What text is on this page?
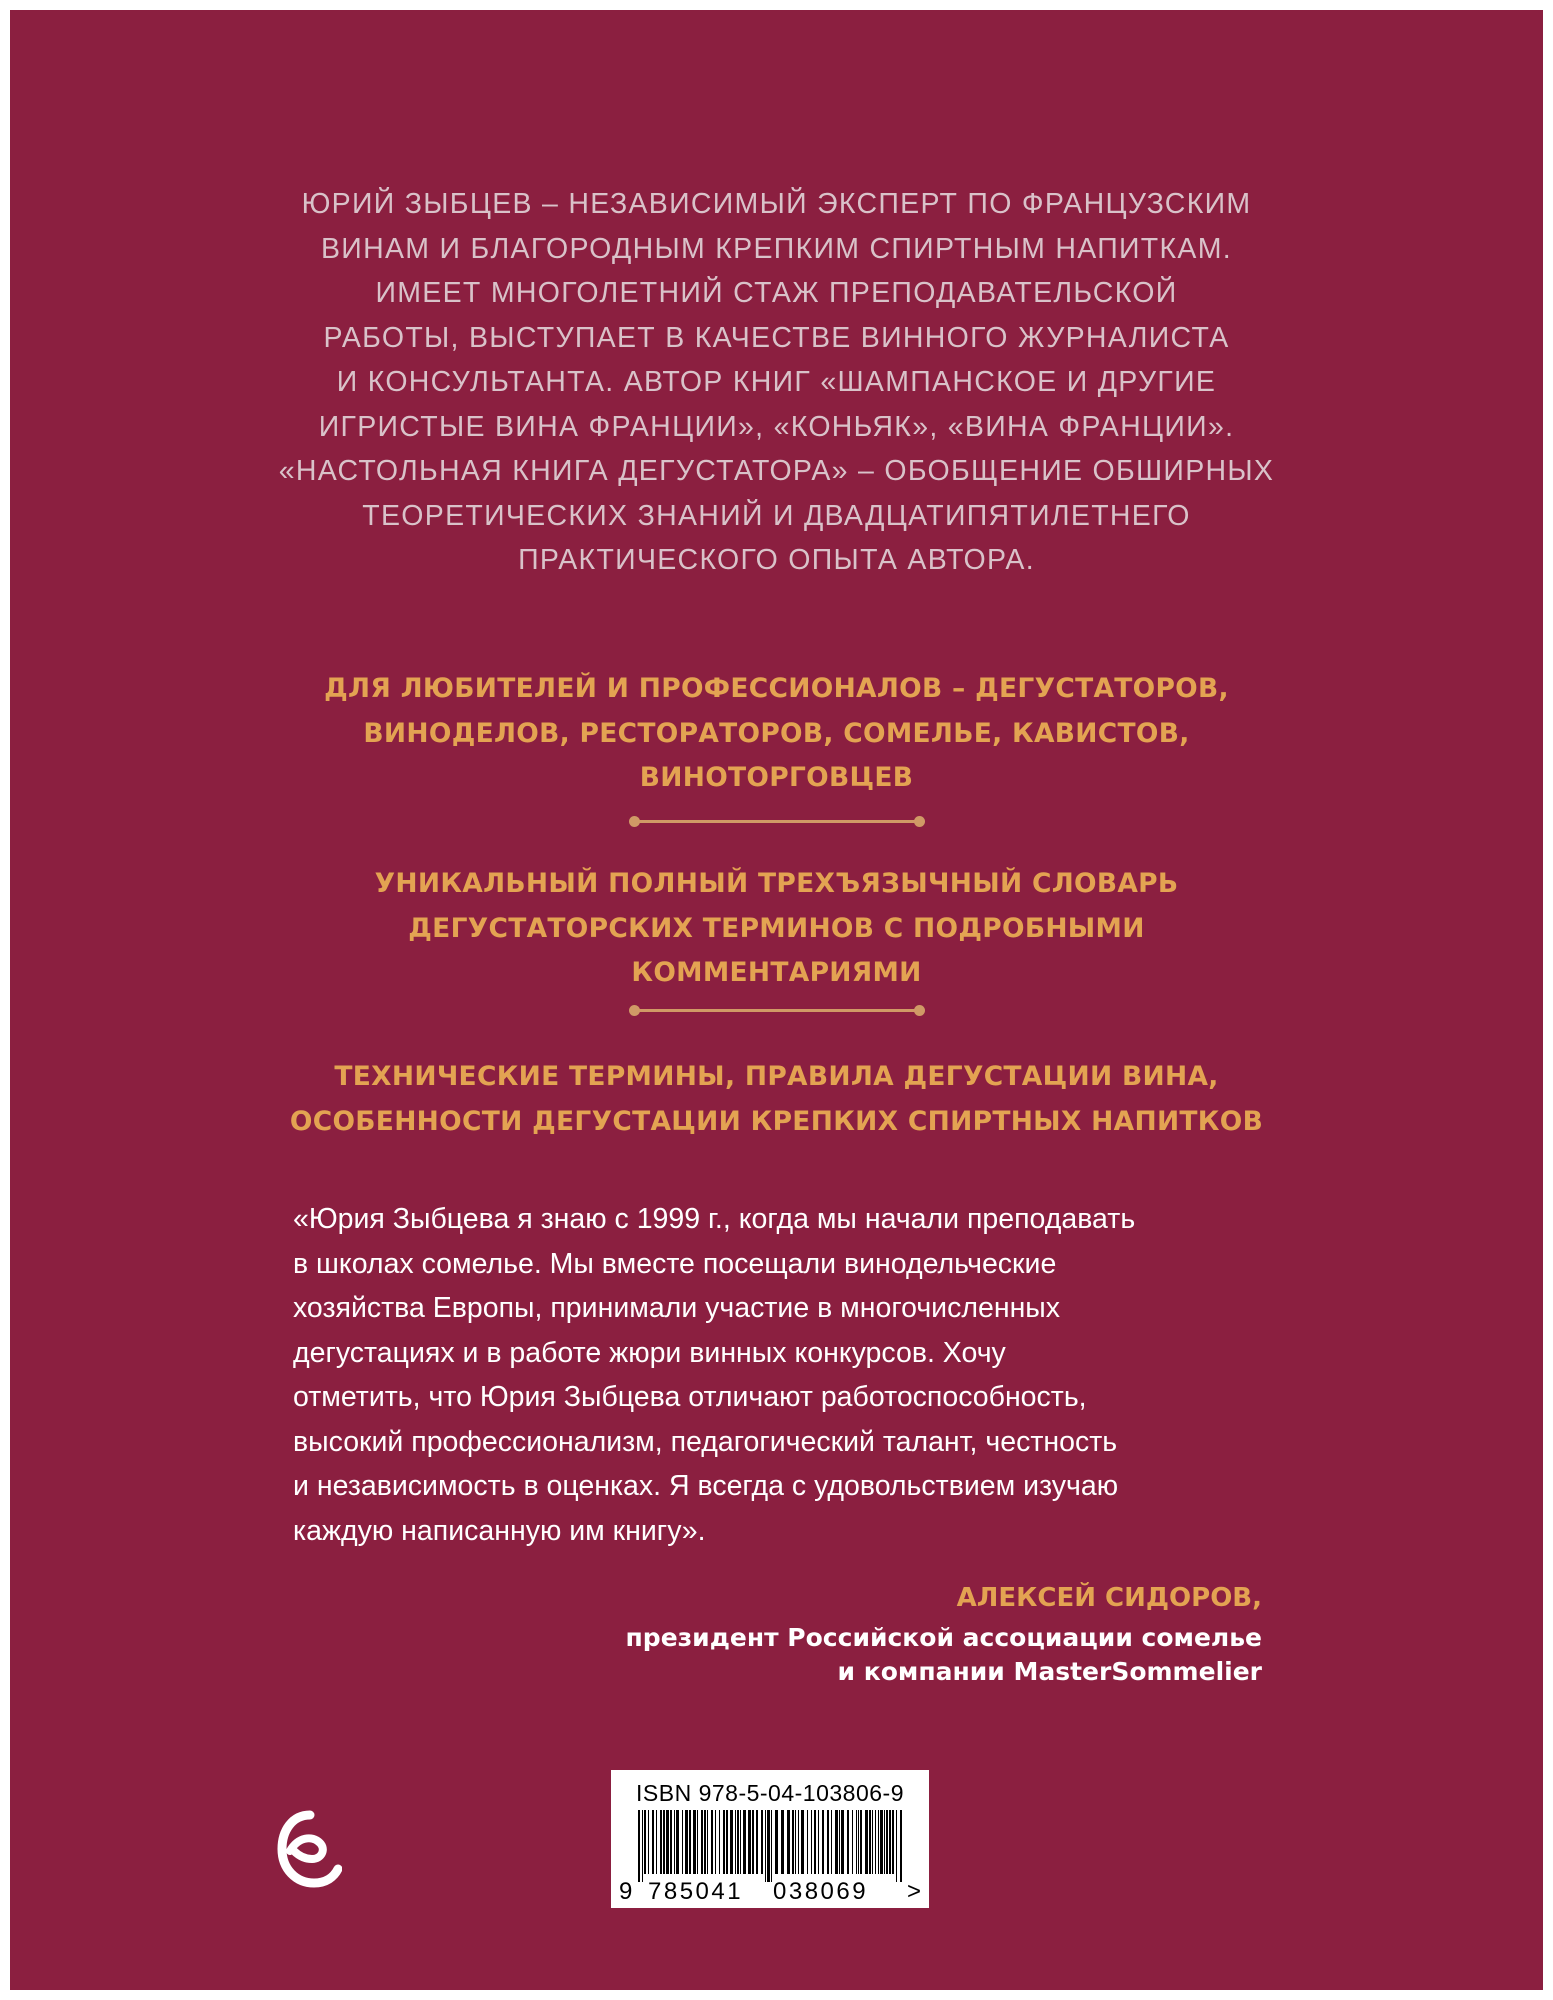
ЮРИЙ ЗЫБЦЕВ – НЕЗАВИСИМЫЙ ЭКСПЕРТ ПО ФРАНЦУЗСКИМ
ВИНАМ И БЛАГОРОДНЫМ КРЕПКИМ СПИРТНЫМ НАПИТКАМ.
ИМЕЕТ МНОГОЛЕТНИЙ СТАЖ ПРЕПОДАВАТЕЛЬСКОЙ
РАБОТЫ, ВЫСТУПАЕТ В КАЧЕСТВЕ ВИННОГО ЖУРНАЛИСТА
И КОНСУЛЬТАНТА. АВТОР КНИГ «ШАМПАНСКОЕ И ДРУГИЕ
ИГРИСТЫЕ ВИНА ФРАНЦИИ», «КОНЬЯК», «ВИНА ФРАНЦИИ».
«НАСТОЛЬНАЯ КНИГА ДЕГУСТАТОРА» – ОБОБЩЕНИЕ ОБШИРНЫХ
ТЕОРЕТИЧЕСКИХ ЗНАНИЙ И ДВАДЦАТИПЯТИЛЕТНЕГО
ПРАКТИЧЕСКОГО ОПЫТА АВТОРА.
ДЛЯ ЛЮБИТЕЛЕЙ И ПРОФЕССИОНАЛОВ – ДЕГУСТАТОРОВ,
ВИНОДЕЛОВ, РЕСТОРАТОРОВ, СОМЕЛЬЕ, КАВИСТОВ,
ВИНОТОРГОВЦЕВ
УНИКАЛЬНЫЙ ПОЛНЫЙ ТРЕХЪЯЗЫЧНЫЙ СЛОВАРЬ
ДЕГУСТАТОРСКИХ ТЕРМИНОВ С ПОДРОБНЫМИ
КОММЕНТАРИЯМИ
ТЕХНИЧЕСКИЕ ТЕРМИНЫ, ПРАВИЛА ДЕГУСТАЦИИ ВИНА,
ОСОБЕННОСТИ ДЕГУСТАЦИИ КРЕПКИХ СПИРТНЫХ НАПИТКОВ
«Юрия Зыбцева я знаю с 1999 г., когда мы начали преподавать
в школах сомелье. Мы вместе посещали винодельческие
хозяйства Европы, принимали участие в многочисленных
дегустациях и в работе жюри винных конкурсов. Хочу
отметить, что Юрия Зыбцева отличают работоспособность,
высокий профессионализм, педагогический талант, честность
и независимость в оценках. Я всегда с удовольствием изучаю
каждую написанную им книгу».
АЛЕКСЕЙ СИДОРОВ,
президент Российской ассоциации сомелье
и компании MasterSommelier
ISBN 978-5-04-103806-9
9 785041 038069 >
